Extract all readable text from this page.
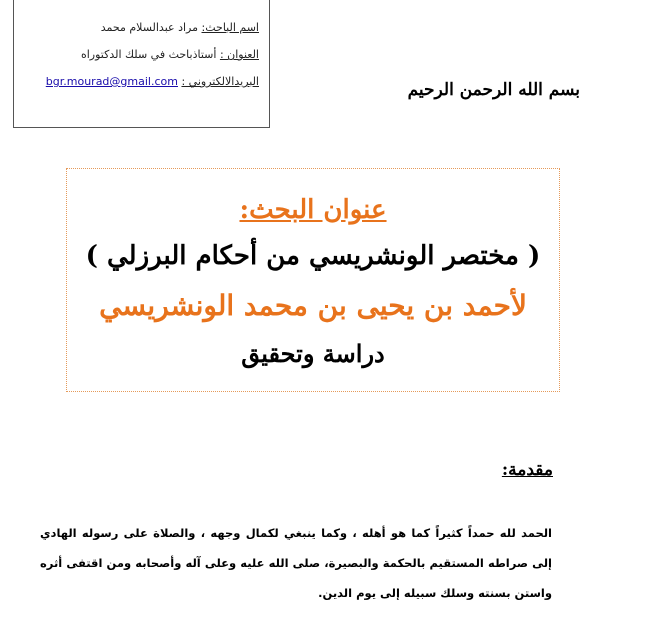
اسم الباحث: مراد عبدالسلام محمد
العنوان : أستاذباحث في سلك الدكتوراه
البريدالالكتروني : bgr.mourad@gmail.com	بسم الله الرحمن الرحيم
عنوان البحث:
( مختصر الونشريسي من أحكام البرزلي )
لأحمد بن يحيى بن محمد الونشريسي
دراسة وتحقيق
مقدمة:
الحمد لله حمداً كثيراً كما هو أهله ، وكما ينبغي لكمال وجهه ، والصلاة على رسوله الهادي إلى صراطه المستقيم بالحكمة والبصيرة، صلى الله عليه وعلى آله وأصحابه ومن اقتفى أثره واستن بسنته وسلك سبيله إلى يوم الدين.
